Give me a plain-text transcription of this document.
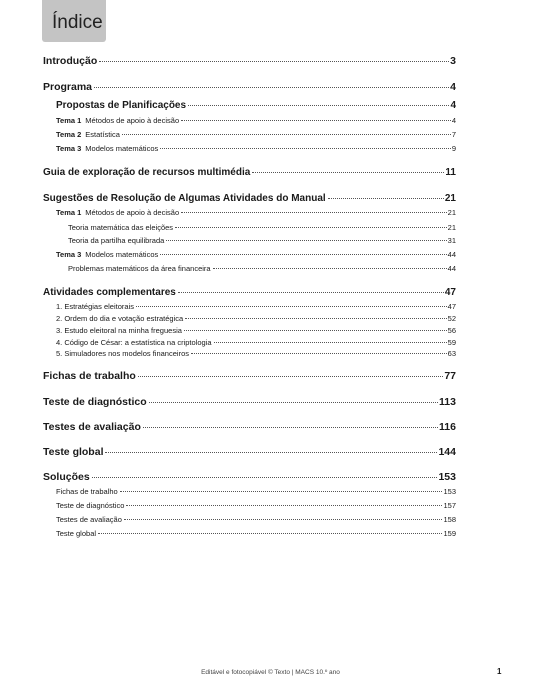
Índice
Introdução	3
Programa	4
Propostas de Planificações	4
Tema 1 Métodos de apoio à decisão	4
Tema 2 Estatística	7
Tema 3 Modelos matemáticos	9
Guia de exploração de recursos multimédia	11
Sugestões de Resolução de Algumas Atividades do Manual	21
Tema 1 Métodos de apoio à decisão	21
Teoria matemática das eleições	21
Teoria da partilha equilibrada	31
Tema 3 Modelos matemáticos	44
Problemas matemáticos da área financeira	44
Atividades complementares	47
1. Estratégias eleitorais	47
2. Ordem do dia e votação estratégica	52
3. Estudo eleitoral na minha freguesia	56
4. Código de César: a estatística na criptologia	59
5. Simuladores nos modelos financeiros	63
Fichas de trabalho	77
Teste de diagnóstico	113
Testes de avaliação	116
Teste global	144
Soluções	153
Fichas de trabalho	153
Teste de diagnóstico	157
Testes de avaliação	158
Teste global	159
Editável e fotocopiável © Texto | MACS 10.º ano	1
